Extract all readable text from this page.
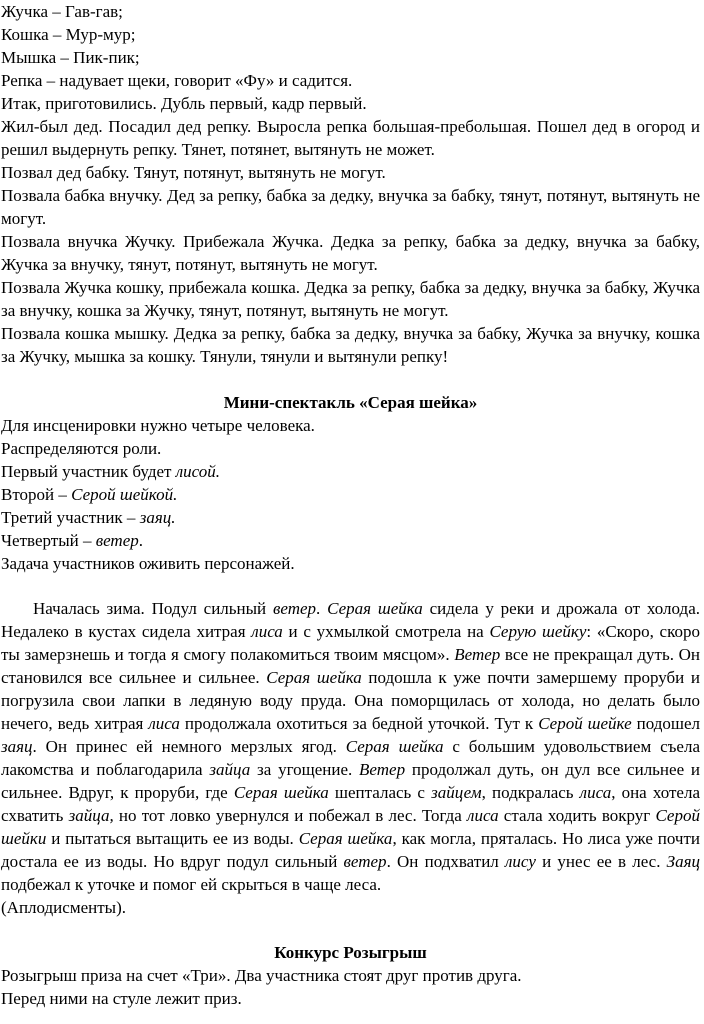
Жучка – Гав-гав;

Кошка – Мур-мур;

Мышка – Пик-пик;

Репка – надувает щеки, говорит «Фу» и садится.

Итак, приготовились. Дубль первый, кадр первый.

Жил-был дед. Посадил дед репку. Выросла репка большая-пребольшая. Пошел дед в огород и решил выдернуть репку. Тянет, потянет, вытянуть не может.

Позвал дед бабку. Тянут, потянут, вытянуть не могут.

Позвала бабка внучку. Дед за репку, бабка за дедку, внучка за бабку, тянут, потянут, вытянуть не могут.

Позвала внучка Жучку. Прибежала Жучка. Дедка за репку, бабка за дедку, внучка за бабку, Жучка за внучку, тянут, потянут, вытянуть не могут.

Позвала Жучка кошку, прибежала кошка. Дедка за репку, бабка за дедку, внучка за бабку, Жучка за внучку, кошка за Жучку, тянут, потянут, вытянуть не могут.

Позвала кошка мышку. Дедка за репку, бабка за дедку, внучка за бабку, Жучка за внучку, кошка за Жучку, мышка за кошку. Тянули, тянули и вытянули репку!

Мини-спектакль «Серая шейка»

Для инсценировки нужно четыре человека.

Распределяются роли.

Первый участник будет лисой.

Второй – Серой шейкой.

Третий участник – заяц.

Четвертый – ветер.

Задача участников оживить персонажей.

Началась зима. Подул сильный ветер. Серая шейка сидела у реки и дрожала от холода. Недалеко в кустах сидела хитрая лиса и с ухмылкой смотрела на Серую шейку: «Скоро, скоро ты замерзнешь и тогда я смогу полакомиться твоим мясцом». Ветер все не прекращал дуть. Он становился все сильнее и сильнее. Серая шейка подошла к уже почти замершему проруби и погрузила свои лапки в ледяную воду пруда. Она поморщилась от холода, но делать было нечего, ведь хитрая лиса продолжала охотиться за бедной уточкой. Тут к Серой шейке подошел заяц. Он принес ей немного мерзлых ягод. Серая шейка с большим удовольствием съела лакомства и поблагодарила зайца за угощение. Ветер продолжал дуть, он дул все сильнее и сильнее. Вдруг, к проруби, где Серая шейка шепталась с зайцем, подкралась лиса, она хотела схватить зайца, но тот ловко увернулся и побежал в лес. Тогда лиса стала ходить вокруг Серой шейки и пытаться вытащить ее из воды. Серая шейка, как могла, пряталась. Но лиса уже почти достала ее из воды. Но вдруг подул сильный ветер. Он подхватил лису и унес ее в лес. Заяц подбежал к уточке и помог ей скрыться в чаще леса.

(Аплодисменты).

Конкурс Розыгрыш

Розыгрыш приза на счет «Три». Два участника стоят друг против друга.

Перед ними на стуле лежит приз.
